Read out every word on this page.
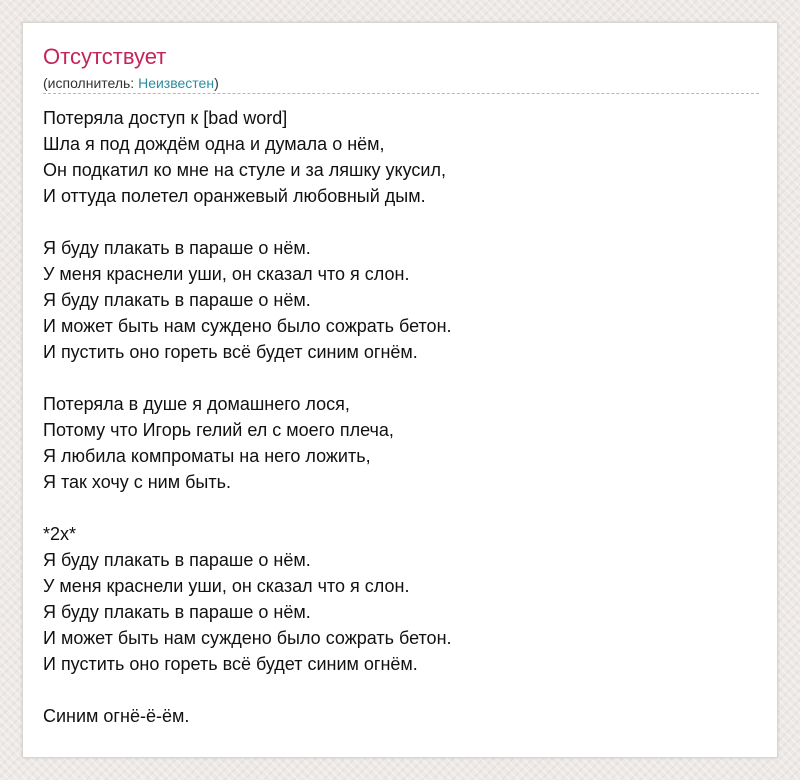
Отсутствует
(исполнитель: Неизвестен)
Потеряла доступ к [bad word]
Шла я под дождём одна и думала о нём,
Он подкатил ко мне на стуле и за ляшку укусил,
И оттуда полетел оранжевый любовный дым.
Я буду плакать в параше о нём.
У меня краснели уши, он сказал что я слон.
Я буду плакать в параше о нём.
И может быть нам суждено было сожрать бетон.
И пустить оно гореть всё будет синим огнём.
Потеряла в душе я домашнего лося,
Потому что Игорь гелий ел с моего плеча,
Я любила компроматы на него ложить,
Я так хочу с ним быть.
*2x*
Я буду плакать в параше о нём.
У меня краснели уши, он сказал что я слон.
Я буду плакать в параше о нём.
И может быть нам суждено было сожрать бетон.
И пустить оно гореть всё будет синим огнём.
Синим огнё-ё-ём.
